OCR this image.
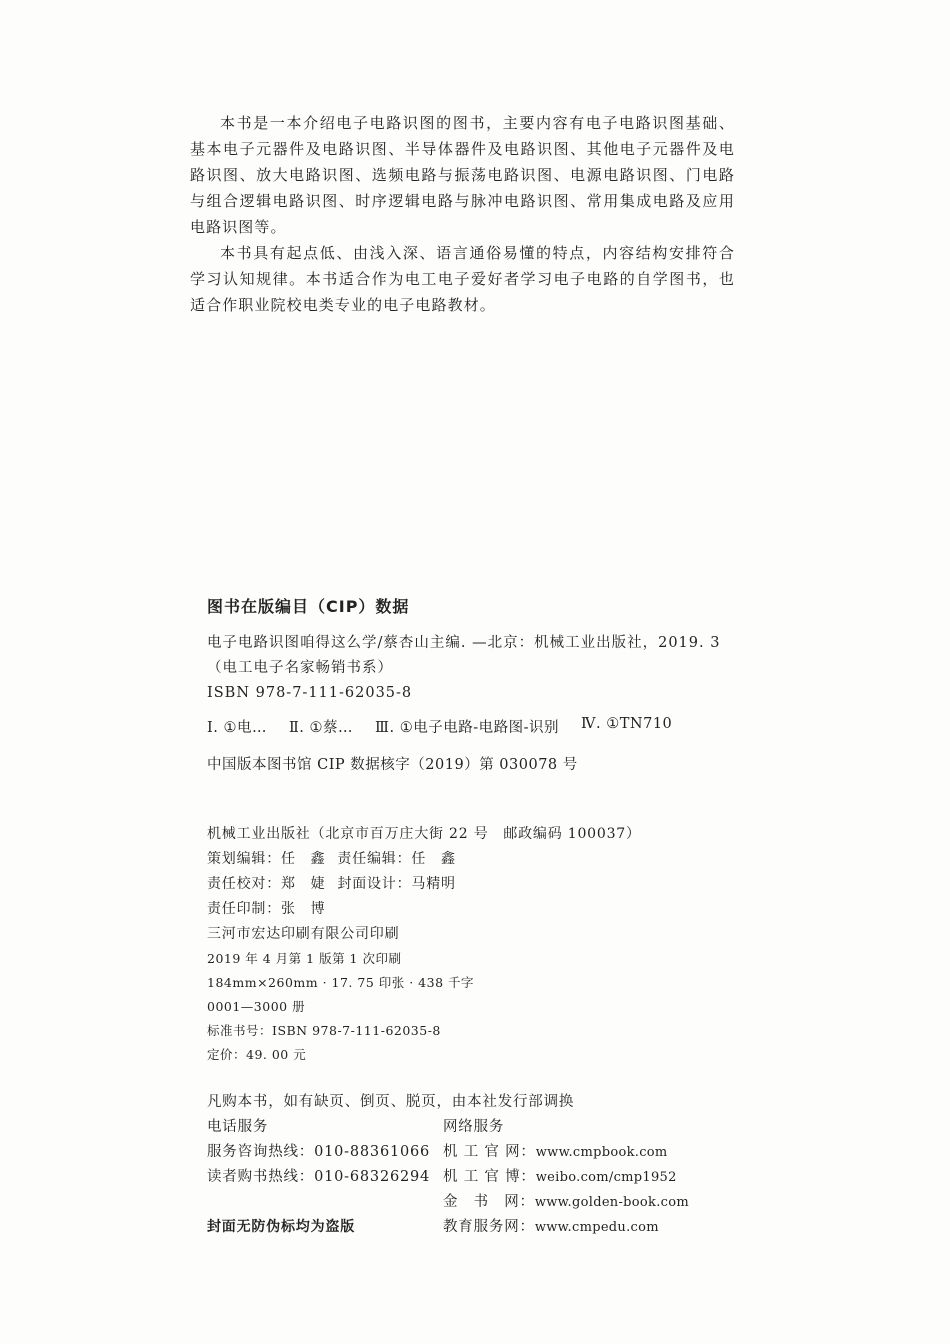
本书是一本介绍电子电路识图的图书，主要内容有电子电路识图基础、基本电子元器件及电路识图、半导体器件及电路识图、其他电子元器件及电路识图、放大电路识图、选频电路与振荡电路识图、电源电路识图、门电路与组合逻辑电路识图、时序逻辑电路与脉冲电路识图、常用集成电路及应用电路识图等。

本书具有起点低、由浅入深、语言通俗易懂的特点，内容结构安排符合学习认知规律。本书适合作为电工电子爱好者学习电子电路的自学图书，也适合作职业院校电类专业的电子电路教材。

图书在版编目（CIP）数据
电子电路识图咱得这么学/蔡杏山主编. —北京：机械工业出版社，2019. 3
（电工电子名家畅销书系）
ISBN 978-7-111-62035-8
Ⅰ. ①电… Ⅱ. ①蔡… Ⅲ. ①电子电路-电路图-识别 Ⅳ. ①TN710
中国版本图书馆 CIP 数据核字（2019）第 030078 号
机械工业出版社（北京市百万庄大街 22 号　邮政编码 100037）
策划编辑：任　鑫 责任编辑：任　鑫
责任校对：郑　婕 封面设计：马精明
责任印制：张　博
三河市宏达印刷有限公司印刷
2019 年 4 月第 1 版第 1 次印刷
184mm×260mm · 17. 75 印张 · 438 千字
0001—3000 册
标准书号：ISBN 978-7-111-62035-8
定价：49. 00 元
凡购本书，如有缺页、倒页、脱页，由本社发行部调换
电话服务
服务咨询热线：010-88361066
读者购书热线：010-68326294

封面无防伪标均为盗版
网络服务
机 工 官 网：www.cmpbook.com
机 工 官 博：weibo.com/cmp1952
金　书　网：www.golden-book.com
教育服务网：www.cmpedu.com
